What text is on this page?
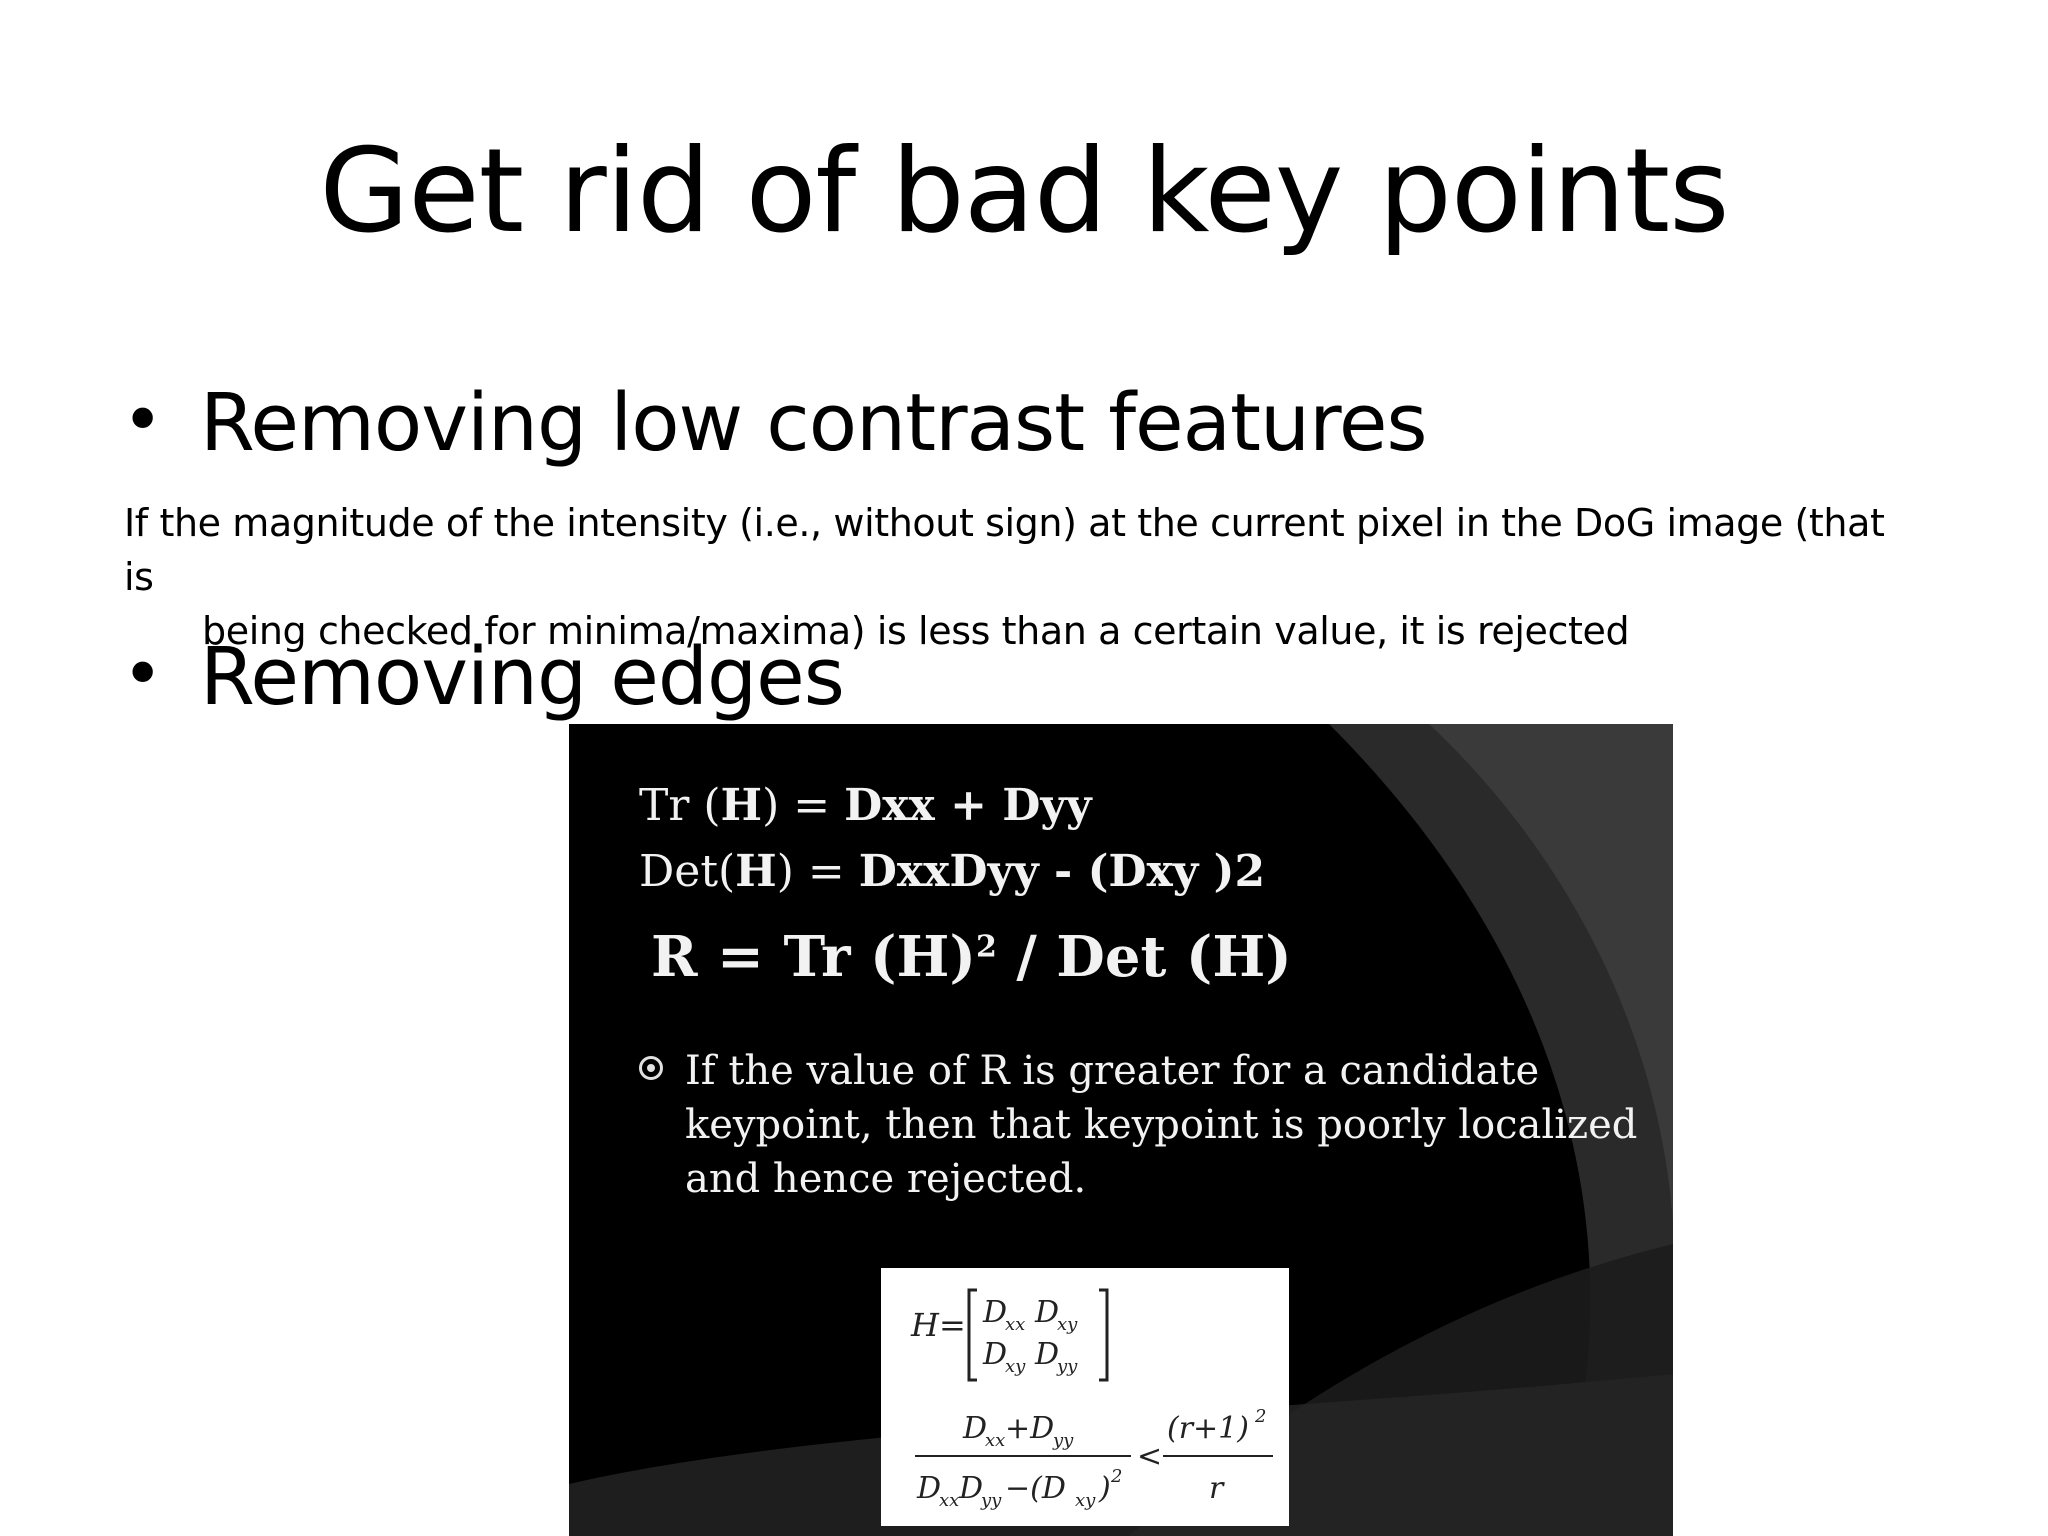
Get rid of bad key points
• Removing low contrast features
If the magnitude of the intensity (i.e., without sign) at the current pixel in the DoG image (that is
being checked for minima/maxima) is less than a certain value, it is rejected
• Removing edges
Tr (H) = Dxx + Dyy
Det(H) = DxxDyy - (Dxy )2
R = Tr $(H)^2$ / Det (H)
If the value of R is greater for a candidate keypoint, then that keypoint is poorly localized and hence rejected.
H = D
xx D
xy
D
xy D
yy
D
xx +D
yy
D
xx D
yy −(D xy ) 2
<
(r+1) 2
r
